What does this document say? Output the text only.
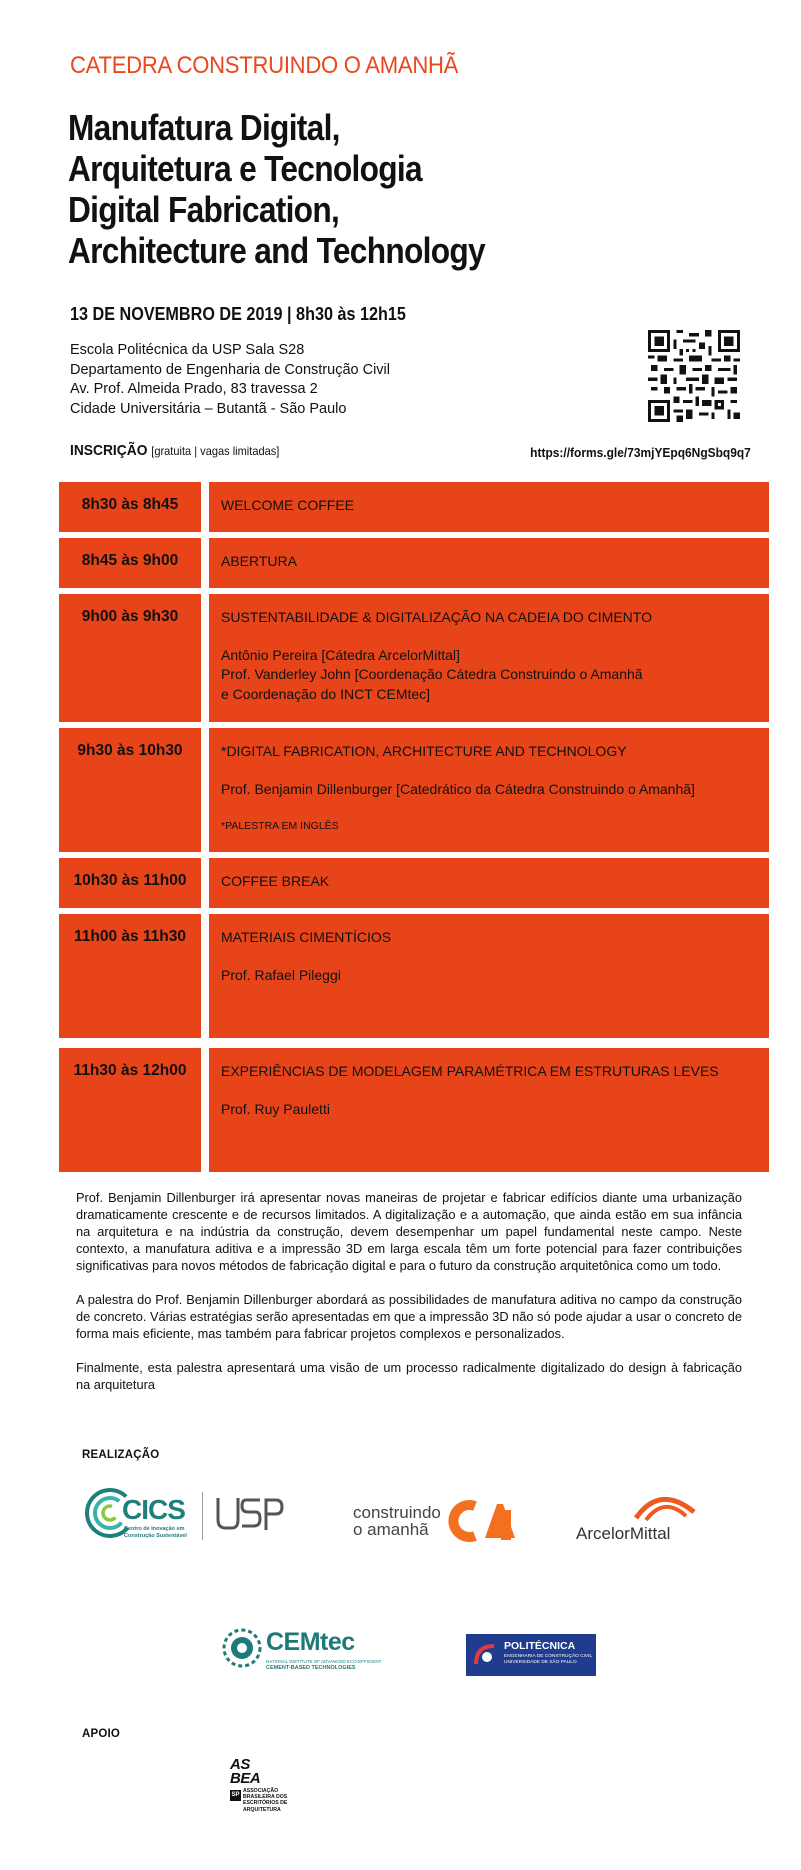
CATEDRA CONSTRUINDO O AMANHÃ
Manufatura Digital,
Arquitetura e Tecnologia
Digital Fabrication,
Architecture and Technology
13 DE NOVEMBRO DE 2019 | 8h30 às 12h15
Escola Politécnica da USP Sala S28
Departamento de Engenharia de Construção Civil
Av. Prof. Almeida Prado, 83 travessa 2
Cidade Universitária – Butantã - São Paulo
INSCRIÇÃO [gratuita | vagas limitadas]	https://forms.gle/73mjYEpq6NgSbq9q7
8h30 às 8h45	WELCOME COFFEE
8h45 às 9h00	ABERTURA
9h00 às 9h30	SUSTENTABILIDADE & DIGITALIZAÇÃO NA CADEIA DO CIMENTO
Antônio Pereira [Cátedra ArcelorMittal]
Prof. Vanderley John [Coordenação Cátedra Construindo o Amanhã
e Coordenação do INCT CEMtec]
9h30 às 10h30	*DIGITAL FABRICATION, ARCHITECTURE AND TECHNOLOGY
Prof. Benjamin Dillenburger [Catedrático da Cátedra Construindo o Amanhã]
*PALESTRA EM INGLÊS
10h30 às 11h00	COFFEE BREAK
11h00 às 11h30	MATERIAIS CIMENTÍCIOS
Prof. Rafael Pileggi
11h30 às 12h00	EXPERIÊNCIAS DE MODELAGEM PARAMÉTRICA EM ESTRUTURAS LEVES
Prof. Ruy Pauletti

Prof. Benjamin Dillenburger irá apresentar novas maneiras de projetar e fabricar edifícios diante uma urbanização dramaticamente crescente e de recursos limitados. A digitalização e a automação, que ainda estão em sua infância na arquitetura e na indústria da construção, devem desempenhar um papel fundamental neste campo. Neste contexto, a manufatura aditiva e a impressão 3D em larga escala têm um forte potencial para fazer contribuições significativas para novos métodos de fabricação digital e para o futuro da construção arquitetônica como um todo.

A palestra do Prof. Benjamin Dillenburger abordará as possibilidades de manufatura aditiva no campo da construção de concreto. Várias estratégias serão apresentadas em que a impressão 3D não só pode ajudar a usar o concreto de forma mais eficiente, mas também para fabricar projetos complexos e personalizados.

Finalmente, esta palestra apresentará uma visão de um processo radicalmente digitalizado do design à fabricação na arquitetura

REALIZAÇÃO
CICS
Centro de Inovação em
Construção Sustentável
construindo
o amanhã	ArcelorMittal
CEMtec
NATIONAL INSTITUTE OF ADVANCED ECO-EFFICIENT
CEMENT-BASED TECHNOLOGIES
POLITÉCNICA
ENGENHARIA DE CONSTRUÇÃO CIVIL
UNIVERSIDADE DE SÃO PAULO
APOIO
AS
BEA
SP
ASSOCIAÇÃO
BRASILEIRA DOS
ESCRITÓRIOS DE
ARQUITETURA
